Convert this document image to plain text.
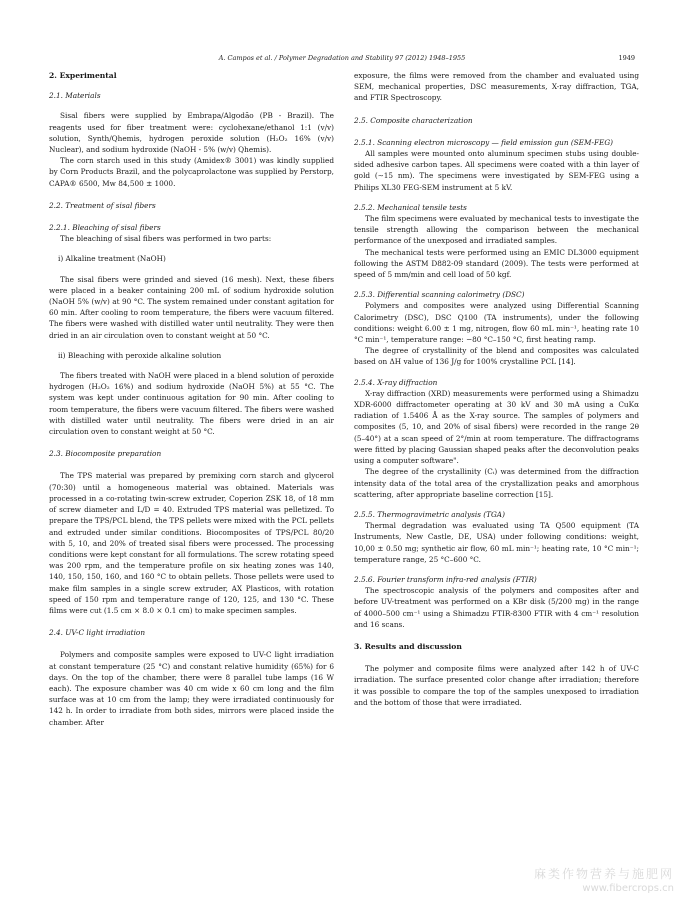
A. Campos et al. / Polymer Degradation and Stability 97 (2012) 1948–1955	1949
2. Experimental
2.1. Materials

Sisal fibers were supplied by Embrapa/Algodão (PB - Brazil). The reagents used for fiber treatment were: cyclohexane/ethanol 1:1 (v/v) solution, Synth/Qhemis, hydrogen peroxide solution (H₂O₂ 16% (v/v) Nuclear), and sodium hydroxide (NaOH - 5% (w/v) Qhemis).

The corn starch used in this study (Amidex® 3001) was kindly supplied by Corn Products Brazil, and the polycaprolactone was supplied by Perstorp, CAPA® 6500, Mw 84,500 ± 1000.

2.2. Treatment of sisal fibers
2.2.1. Bleaching of sisal fibers

The bleaching of sisal fibers was performed in two parts:

i) Alkaline treatment (NaOH)

The sisal fibers were grinded and sieved (16 mesh). Next, these fibers were placed in a beaker containing 200 mL of sodium hydroxide solution (NaOH 5% (w/v) at 90 °C. The system remained under constant agitation for 60 min. After cooling to room temperature, the fibers were vacuum filtered. The fibers were washed with distilled water until neutrality. They were then dried in an air circulation oven to constant weight at 50 °C.

ii) Bleaching with peroxide alkaline solution

The fibers treated with NaOH were placed in a blend solution of peroxide hydrogen (H₂O₂ 16%) and sodium hydroxide (NaOH 5%) at 55 °C. The system was kept under continuous agitation for 90 min. After cooling to room temperature, the fibers were vacuum filtered. The fibers were washed with distilled water until neutrality. The fibers were dried in an air circulation oven to constant weight at 50 °C.

2.3. Biocomposite preparation

The TPS material was prepared by premixing corn starch and glycerol (70:30) until a homogeneous material was obtained. Materials was processed in a co-rotating twin-screw extruder, Coperion ZSK 18, of 18 mm of screw diameter and L/D = 40. Extruded TPS material was pelletized. To prepare the TPS/PCL blend, the TPS pellets were mixed with the PCL pellets and extruded under similar conditions. Biocomposites of TPS/PCL 80/20 with 5, 10, and 20% of treated sisal fibers were processed. The processing conditions were kept constant for all formulations. The screw rotating speed was 200 rpm, and the temperature profile on six heating zones was 140, 140, 150, 150, 160, and 160 °C to obtain pellets. Those pellets were used to make film samples in a single screw extruder, AX Plasticos, with rotation speed of 150 rpm and temperature range of 120, 125, and 130 °C. These films were cut (1.5 cm × 8.0 × 0.1 cm) to make specimen samples.

2.4. UV-C light irradiation

Polymers and composite samples were exposed to UV-C light irradiation at constant temperature (25 °C) and constant relative humidity (65%) for 6 days. On the top of the chamber, there were 8 parallel tube lamps (16 W each). The exposure chamber was 40 cm wide x 60 cm long and the film surface was at 10 cm from the lamp; they were irradiated continuously for 142 h. In order to irradiate from both sides, mirrors were placed inside the chamber. After

exposure, the films were removed from the chamber and evaluated using SEM, mechanical properties, DSC measurements, X-ray diffraction, TGA, and FTIR Spectroscopy.

2.5. Composite characterization
2.5.1. Scanning electron microscopy — field emission gun (SEM-FEG)

All samples were mounted onto aluminum specimen stubs using double-sided adhesive carbon tapes. All specimens were coated with a thin layer of gold (∼15 nm). The specimens were investigated by SEM-FEG using a Philips XL30 FEG-SEM instrument at 5 kV.

2.5.2. Mechanical tensile tests

The film specimens were evaluated by mechanical tests to investigate the tensile strength allowing the comparison between the mechanical performance of the unexposed and irradiated samples.

The mechanical tests were performed using an EMIC DL3000 equipment following the ASTM D882-09 standard (2009). The tests were performed at speed of 5 mm/min and cell load of 50 kgf.

2.5.3. Differential scanning calorimetry (DSC)

Polymers and composites were analyzed using Differential Scanning Calorimetry (DSC), DSC Q100 (TA instruments), under the following conditions: weight 6.00 ± 1 mg, nitrogen, flow 60 mL min⁻¹, heating rate 10 °C min⁻¹, temperature range: −80 °C–150 °C, first heating ramp.

The degree of crystallinity of the blend and composites was calculated based on ΔH value of 136 J/g for 100% crystalline PCL [14].

2.5.4. X-ray diffraction

X-ray diffraction (XRD) measurements were performed using a Shimadzu XDR-6000 diffractometer operating at 30 kV and 30 mA using a CuKα radiation of 1.5406 Å as the X-ray source. The samples of polymers and composites (5, 10, and 20% of sisal fibers) were recorded in the range 2θ (5–40°) at a scan speed of 2°/min at room temperature. The diffractograms were fitted by placing Gaussian shaped peaks after the deconvolution peaks using a computer software".

The degree of the crystallinity (Cᵢ) was determined from the diffraction intensity data of the total area of the crystallization peaks and amorphous scattering, after appropriate baseline correction [15].

2.5.5. Thermogravimetric analysis (TGA)

Thermal degradation was evaluated using TA Q500 equipment (TA Instruments, New Castle, DE, USA) under following conditions: weight, 10,00 ± 0.50 mg; synthetic air flow, 60 mL min⁻¹; heating rate, 10 °C min⁻¹; temperature range, 25 °C–600 °C.

2.5.6. Fourier transform infra-red analysis (FTIR)

The spectroscopic analysis of the polymers and composites after and before UV-treatment was performed on a KBr disk (5/200 mg) in the range of 4000–500 cm⁻¹ using a Shimadzu FTIR-8300 FTIR with 4 cm⁻¹ resolution and 16 scans.

3. Results and discussion

The polymer and composite films were analyzed after 142 h of UV-C irradiation. The surface presented color change after irradiation; therefore it was possible to compare the top of the samples unexposed to irradiation and the bottom of those that were irradiated.

麻类作物营养与施肥网
www.fibercrops.cn
